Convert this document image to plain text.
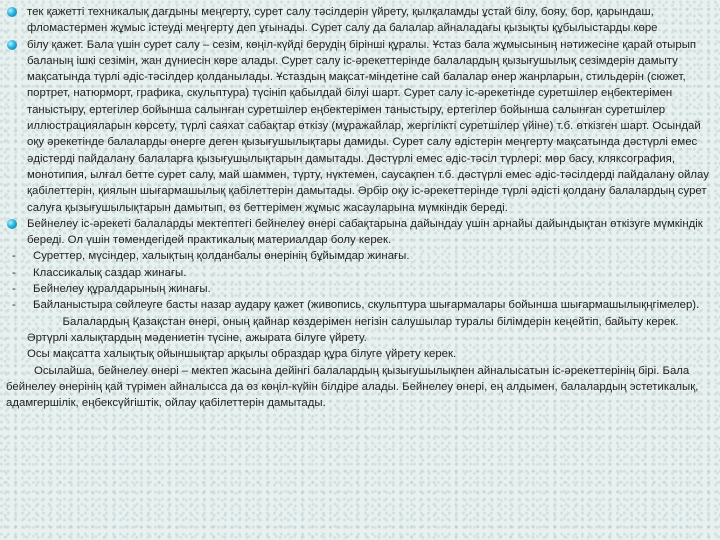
тек қажетті техникалық дағдыны меңгерту, сурет салу тәсілдерін үйрету, қылқаламды ұстай білу, бояу, бор, қарындаш, фломастермен жұмыс істеуді меңгерту деп ұғынады. Сурет салу да балалар айналадағы қызықты құбылыстарды көре
білу қажет. Бала үшін сурет салу – сезім, көңіл-күйді берудің бірінші құралы. Ұстаз бала жұмысының нәтижесіне қарай отырып баланың ішкі сезімін, жан дүниесін көре алады. Сурет салу іс-әрекеттерінде балалардың қызығушылық сезімдерін дамыту мақсатында түрлі әдіс-тәсілдер қолданылады. Ұстаздың мақсат-міндетіне сай балалар өнер жанрларын, стильдерін (сюжет, портрет, натюрморт, графика, скульптура) түсініп қабылдай білуі шарт. Сурет салу іс-әрекетінде суретшілер еңбектерімен таныстыру, ертегілер бойынша салынған суретшілер еңбектерімен таныстыру, ертегілер бойынша салынған суретшілер иллюстрацияларын көрсету, түрлі саяхат сабақтар өткізу (мұражайлар, жергілікті суретшілер үйіне) т.б. өткізген шарт. Осындай оқу әрекетінде балаларды өнерге деген қызығушылықтары дамиды. Сурет салу әдістерін меңгерту мақсатында дәстүрлі емес әдістерді пайдалану балаларға қызығушылықтарын дамытады. Дәстүрлі емес әдіс-тәсіл түрлері: мөр басу, кляксография, монотипия, ылғал бетте сурет салу, май шаммен, түрту, нүктемен, саусақпен т.б. дәстүрлі емес әдіс-тәсілдерді пайдалану ойлау қабілеттерін, қиялын шығармашылық қабілеттерін дамытады. Әрбір оқу іс-әрекеттерінде түрлі әдісті қолдану балалардың сурет салуға қызығушылықтарын дамытып, өз беттерімен жұмыс жасауларына мүмкіндік береді.
Бейнелеу іс-әрекеті балаларды мектептегі бейнелеу өнері сабақтарына дайындау үшін арнайы дайындықтан өткізуге мүмкіндік береді. Ол үшін төмендегідей практикалық материалдар болу керек.
- Суреттер, мүсіндер, халықтың қолданбалы өнерінің бұйымдар жинағы.
- Классикалық саздар жинағы.
- Бейнелеу құралдарының жинағы.
- Байланыстыра сөйлеуге басты назар аудару қажет (живопись, скульптура шығармалары бойынша шығармашылықңгімелер).
Балалардың Қазақстан өнері, оның қайнар көздерімен негізін салушылар туралы білімдерін кеңейтіп, байыту керек.
Әртүрлі халықтардың мәдениетін түсіне, ажырата білуге үйрету.
Осы мақсатта халықтық ойыншықтар арқылы образдар құра білуге үйрету керек.
Осылайша, бейнелеу өнері – мектеп жасына дейінгі балалардың қызығушылықпен айналысатын іс-әрекеттерінің бірі. Бала бейнелеу өнерінің қай түрімен айналысса да өз көңіл-күйін білдіре алады. Бейнелеу өнері, ең алдымен, балалардың эстетикалық, адамгершілік, еңбексүйгіштік, ойлау қабілеттерін дамытады.
